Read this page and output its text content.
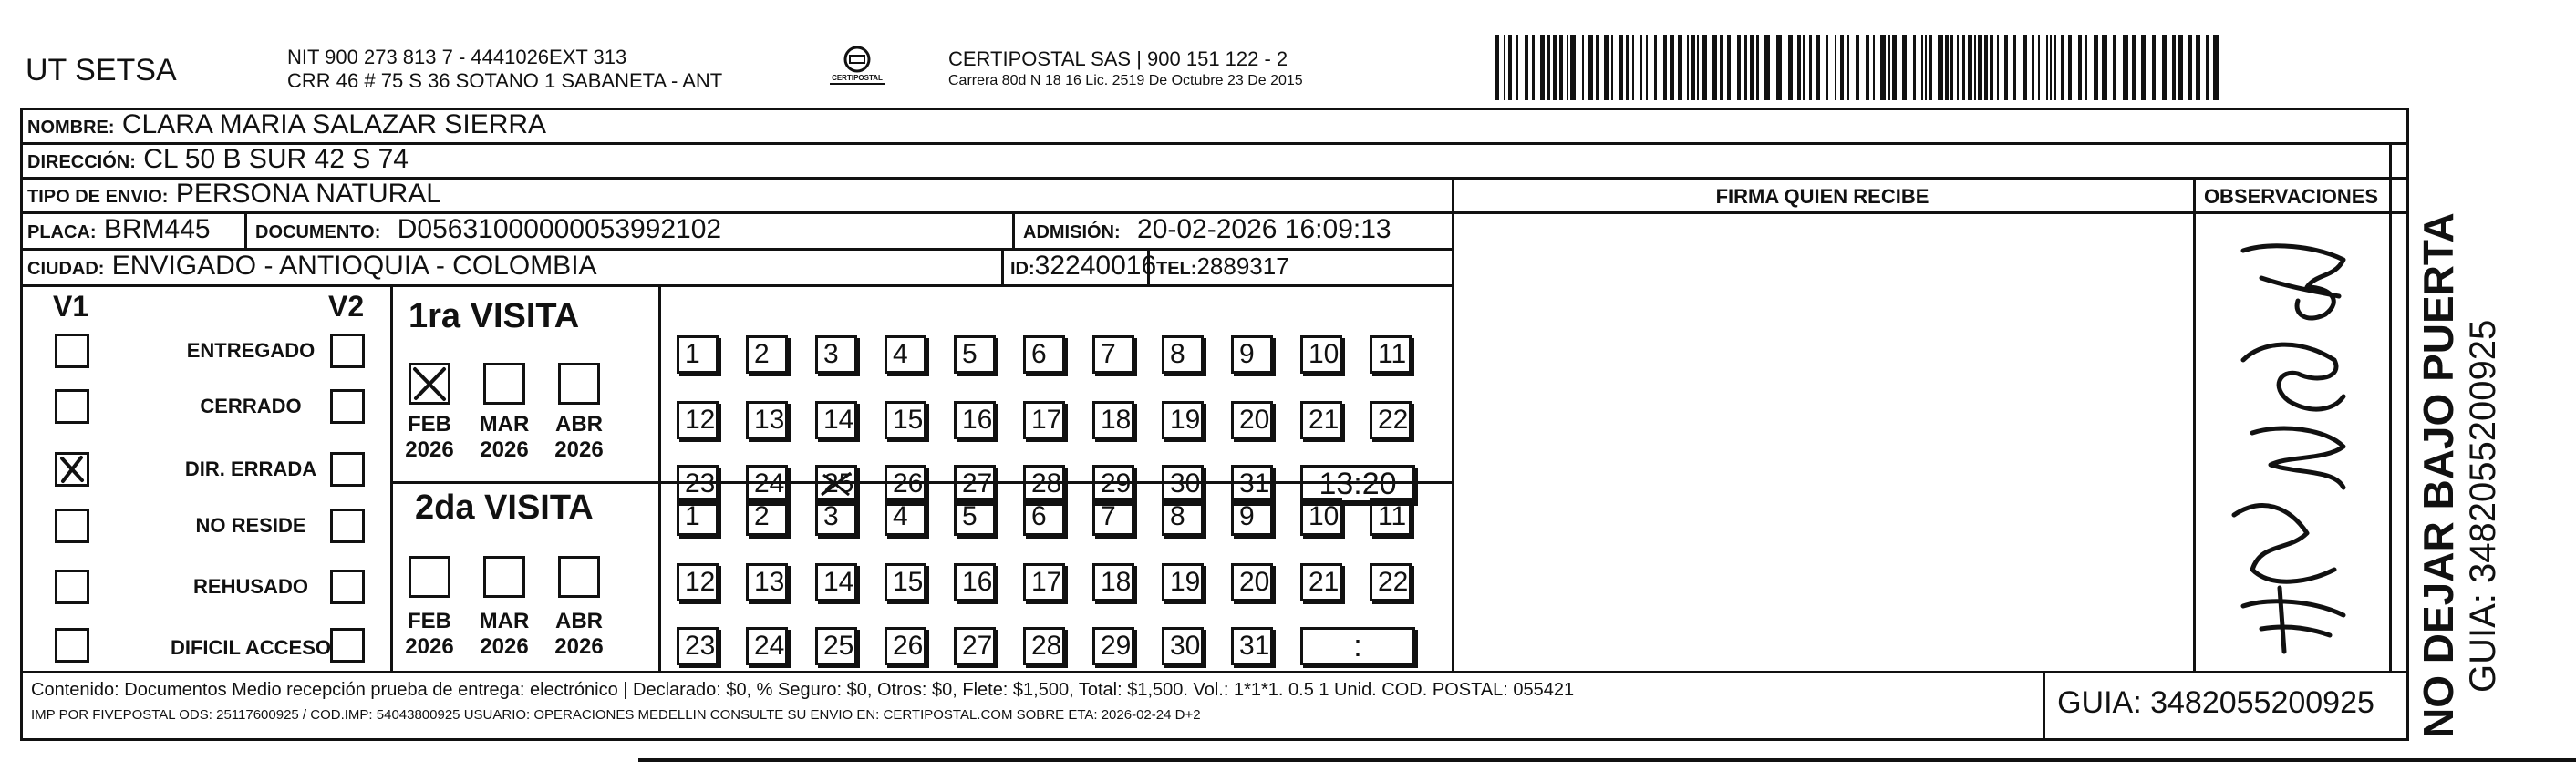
UT SETSA	NIT 900 273 813 7 - 4441026EXT 313
CRR 46 # 75 S 36 SOTANO 1 SABANETA - ANT	CERTIPOSTAL
CERTIPOSTAL SAS | 900 151 122 - 2
Carrera 80d N 18 16 Lic. 2519 De Octubre 23 De 2015
NOMBRE: CLARA MARIA SALAZAR SIERRA
DIRECCIÓN: CL 50 B SUR 42 S 74
TIPO DE ENVIO: PERSONA NATURAL	FIRMA QUIEN RECIBE	OBSERVACIONES
PLACA: BRM445 DOCUMENTO: D05631000000053992102	ADMISIÓN: 20-02-2026 16:09:13
CIUDAD: ENVIGADO - ANTIOQUIA - COLOMBIA	ID:32240016 TEL:2889317
V1	V2
ENTREGADO
CERRADO
DIR. ERRADA
NO RESIDE
REHUSADO
DIFICIL ACCESO
1ra VISITA
FEB
2026
MAR
2026
ABR
2026
1	2	3	4	5	6	7	8	9	10	11
12	13	14	15	16	17	18	19	20	21	22
23	24	25	26	27	28	29	30	31	13:20
2da VISITA
FEB
2026
MAR
2026
ABR
2026
1	2	3	4	5	6	7	8	9	10	11
12	13	14	15	16	17	18	19	20	21	22
23	24	25	26	27	28	29	30	31	:	NO DEJAR BAJO PUERTA GUIA: 3482055200925
Contenido: Documentos Medio recepción prueba de entrega: electrónico | Declarado: $0, % Seguro: $0, Otros: $0, Flete: $1,500, Total: $1,500. Vol.: 1*1*1. 0.5 1 Unid. COD. POSTAL: 055421
IMP POR FIVEPOSTAL ODS: 25117600925 / COD.IMP: 54043800925 USUARIO: OPERACIONES MEDELLIN CONSULTE SU ENVIO EN: CERTIPOSTAL.COM SOBRE ETA: 2026-02-24 D+2	GUIA: 3482055200925
